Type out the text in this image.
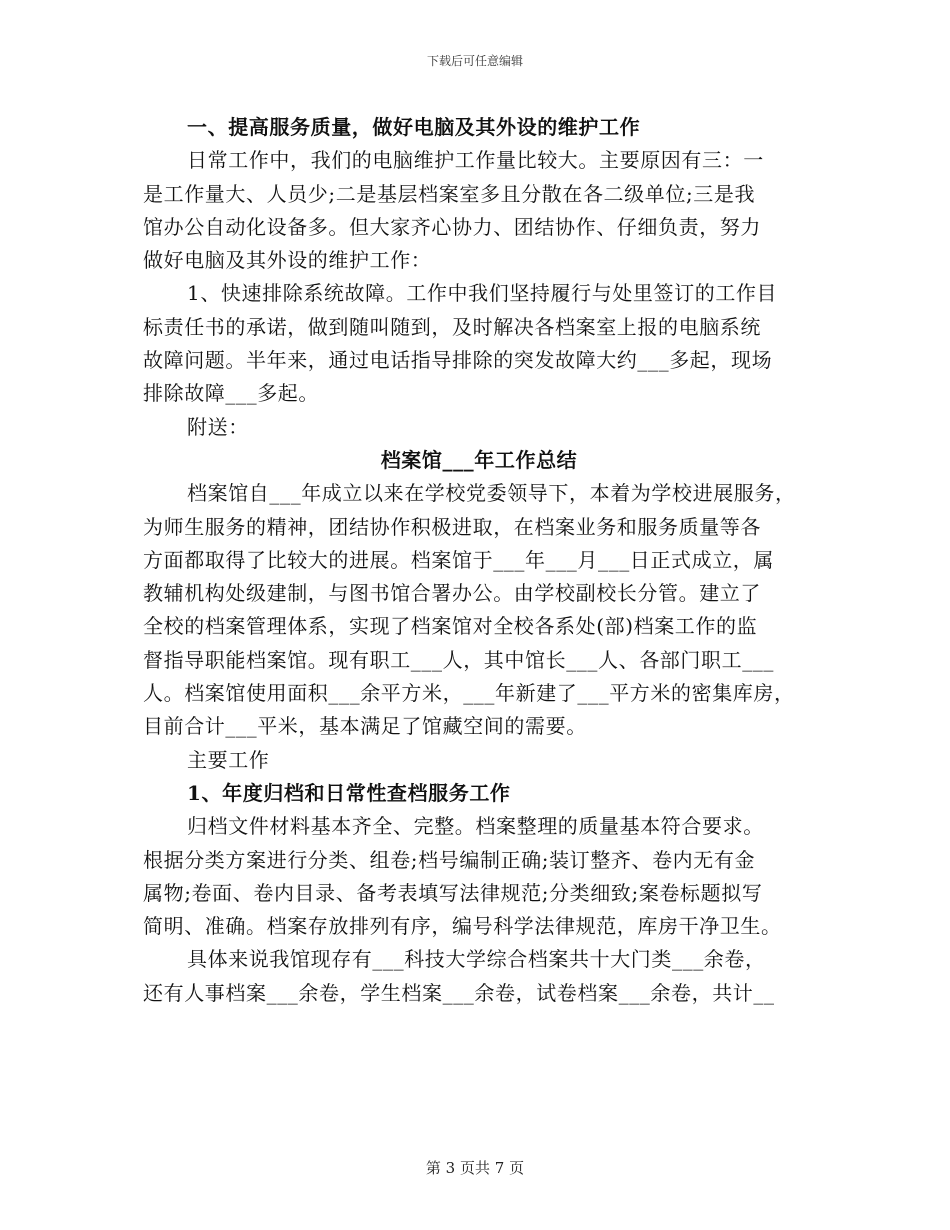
下载后可任意编辑
一、提高服务质量，做好电脑及其外设的维护工作
日常工作中，我们的电脑维护工作量比较大。主要原因有三：一
是工作量大、人员少;二是基层档案室多且分散在各二级单位;三是我
馆办公自动化设备多。但大家齐心协力、团结协作、仔细负责，努力
做好电脑及其外设的维护工作：
1、快速排除系统故障。工作中我们坚持履行与处里签订的工作目
标责任书的承诺，做到随叫随到，及时解决各档案室上报的电脑系统
故障问题。半年来，通过电话指导排除的突发故障大约___多起，现场
排除故障___多起。
附送：
档案馆___年工作总结
档案馆自___年成立以来在学校党委领导下，本着为学校进展服务，
为师生服务的精神，团结协作积极进取，在档案业务和服务质量等各
方面都取得了比较大的进展。档案馆于___年___月___日正式成立，属
教辅机构处级建制，与图书馆合署办公。由学校副校长分管。建立了
全校的档案管理体系，实现了档案馆对全校各系处(部)档案工作的监
督指导职能档案馆。现有职工___人，其中馆长___人、各部门职工___
人。档案馆使用面积___余平方米，___年新建了___平方米的密集库房，
目前合计___平米，基本满足了馆藏空间的需要。
主要工作
1、年度归档和日常性查档服务工作
归档文件材料基本齐全、完整。档案整理的质量基本符合要求。
根据分类方案进行分类、组卷;档号编制正确;装订整齐、卷内无有金
属物;卷面、卷内目录、备考表填写法律规范;分类细致;案卷标题拟写
简明、准确。档案存放排列有序，编号科学法律规范，库房干净卫生。
具体来说我馆现存有___科技大学综合档案共十大门类___余卷，
还有人事档案___余卷，学生档案___余卷，试卷档案___余卷，共计__
第 3 页共 7 页
